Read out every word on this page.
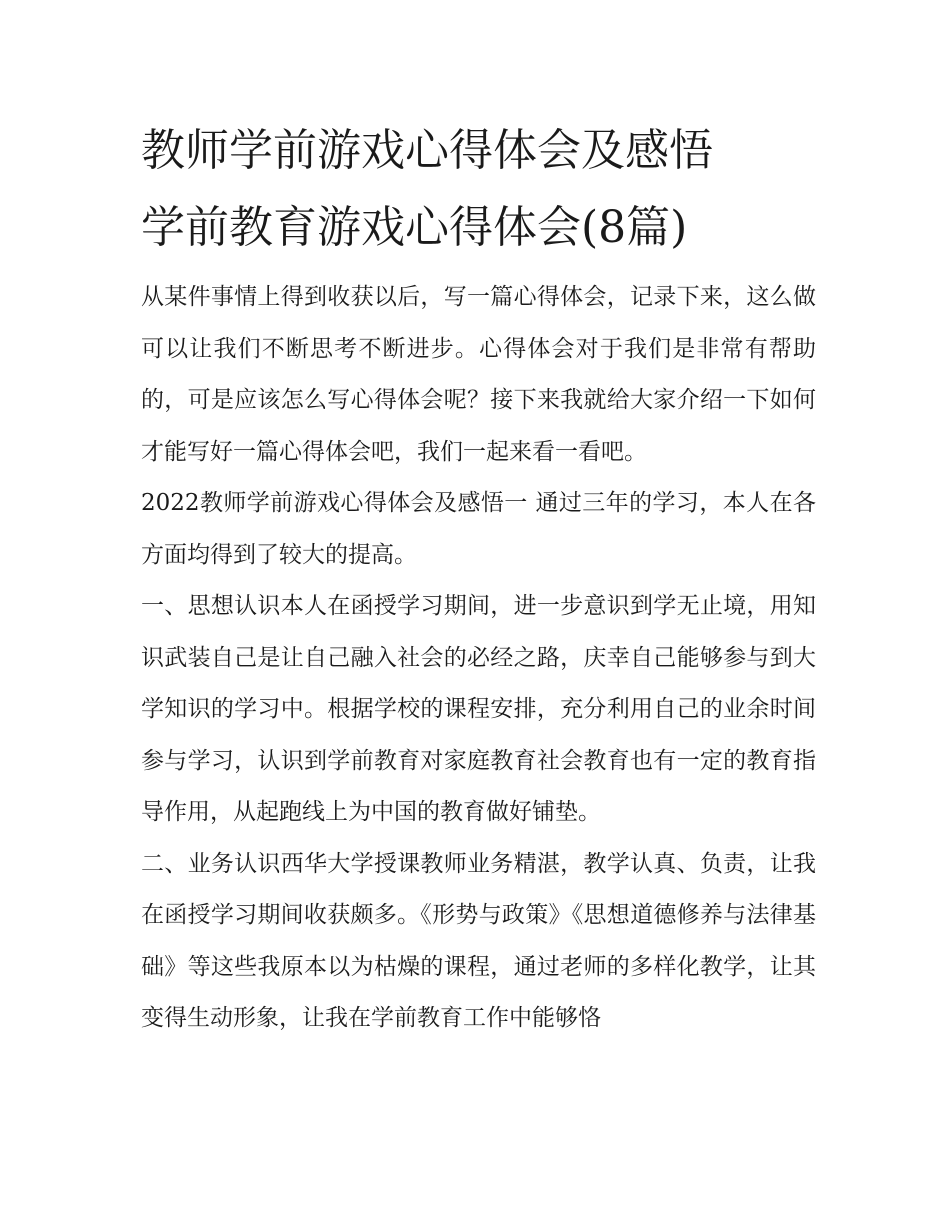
教师学前游戏心得体会及感悟
学前教育游戏心得体会(8篇)

从某件事情上得到收获以后，写一篇心得体会，记录下来，这么做可以让我们不断思考不断进步。心得体会对于我们是非常有帮助的，可是应该怎么写心得体会呢？接下来我就给大家介绍一下如何才能写好一篇心得体会吧，我们一起来看一看吧。

2022教师学前游戏心得体会及感悟一 通过三年的学习，本人在各方面均得到了较大的提高。

一、思想认识本人在函授学习期间，进一步意识到学无止境，用知识武装自己是让自己融入社会的必经之路，庆幸自己能够参与到大学知识的学习中。根据学校的课程安排，充分利用自己的业余时间参与学习，认识到学前教育对家庭教育社会教育也有一定的教育指导作用，从起跑线上为中国的教育做好铺垫。

二、业务认识西华大学授课教师业务精湛，教学认真、负责，让我在函授学习期间收获颇多。《形势与政策》《思想道德修养与法律基础》等这些我原本以为枯燥的课程，通过老师的多样化教学，让其变得生动形象，让我在学前教育工作中能够恪
